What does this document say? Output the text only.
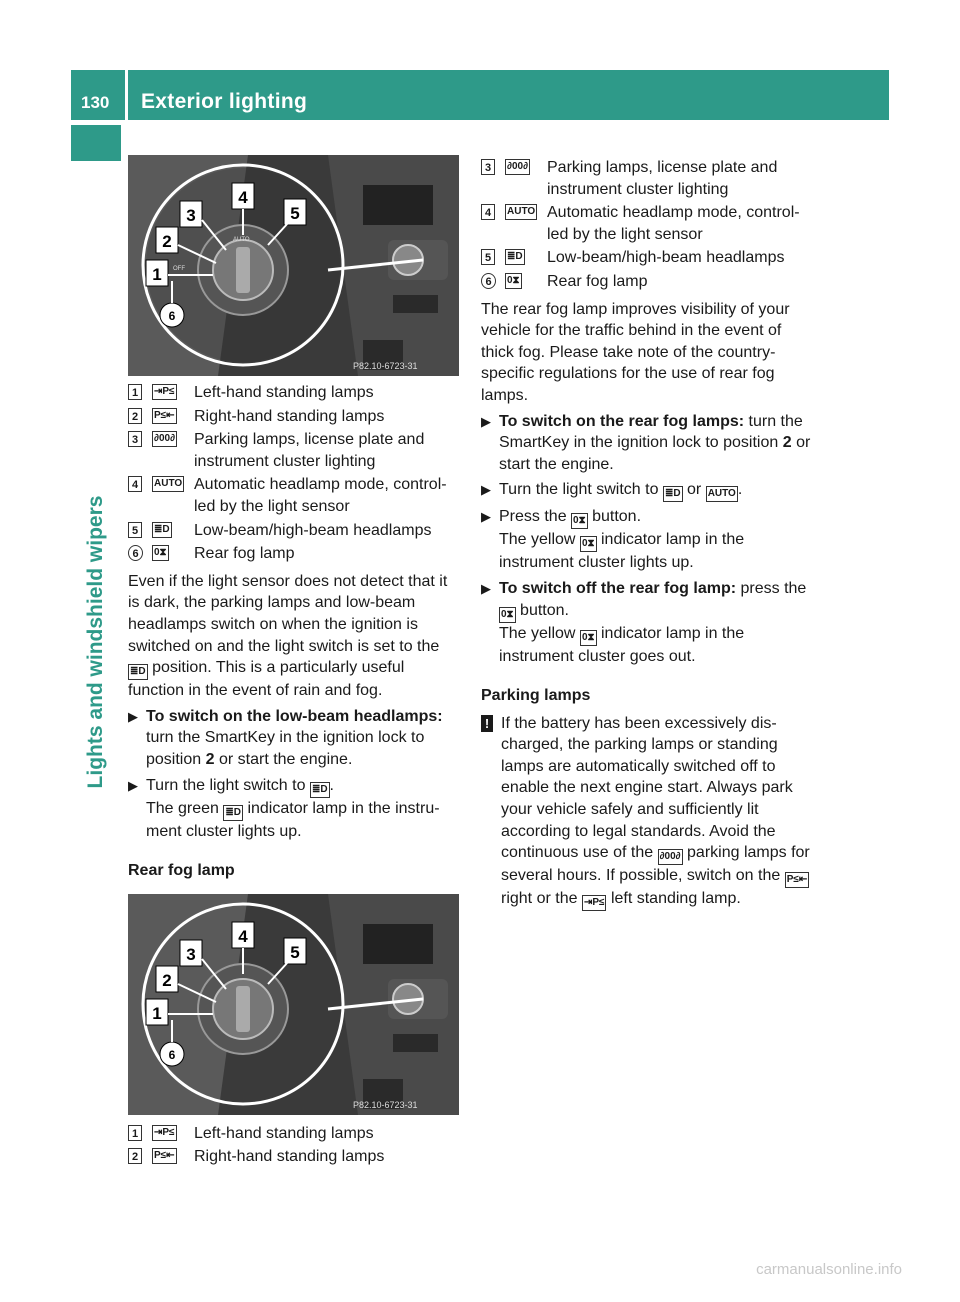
130 Exterior lighting
Lights and windshield wipers
3
4
5
2
1
6
OFF
AUTO
P82.10-6723-31
1	⇥P≤ Left-hand standing lamps
2	P≤⇤ Right-hand standing lamps
3	∂00∂ Parking lamps, license plate and instrument cluster lighting
4	AUTO Automatic headlamp mode, control-led by the light sensor
5	≣D Low-beam/high-beam headlamps
6	0⧗ Rear fog lamp

Even if the light sensor does not detect that it is dark, the parking lamps and low-beam headlamps switch on when the ignition is switched on and the light switch is set to the ≣D position. This is a particularly useful function in the event of rain and fog.

▶ To switch on the low-beam headlamps: turn the SmartKey in the ignition lock to position 2 or start the engine.
▶ Turn the light switch to ≣D .
The green ≣D indicator lamp in the instru-ment cluster lights up.
Rear fog lamp
3
4
5
2
1
6
P82.10-6723-31
1	⇥P≤ Left-hand standing lamps
2	P≤⇤ Right-hand standing lamps
3	∂00∂ Parking lamps, license plate and instrument cluster lighting
4	AUTO Automatic headlamp mode, control-led by the light sensor
5	≣D Low-beam/high-beam headlamps
6	0⧗ Rear fog lamp

The rear fog lamp improves visibility of your vehicle for the traffic behind in the event of thick fog. Please take note of the country-specific regulations for the use of rear fog lamps.

▶ To switch on the rear fog lamps: turn the SmartKey in the ignition lock to position 2 or start the engine.
▶ Turn the light switch to ≣D or AUTO .
▶ Press the 0⧗ button.
The yellow 0⧗ indicator lamp in the instrument cluster lights up.
▶ To switch off the rear fog lamp: press the 0⧗ button.
The yellow 0⧗ indicator lamp in the instrument cluster goes out.
Parking lamps
! If the battery has been excessively dis-charged, the parking lamps or standing lamps are automatically switched off to enable the next engine start. Always park your vehicle safely and sufficiently lit according to legal standards. Avoid the continuous use of the ∂00∂ parking lamps for several hours. If possible, switch on the P≤⇤ right or the ⇥P≤ left standing lamp.
carmanualsonline.info
